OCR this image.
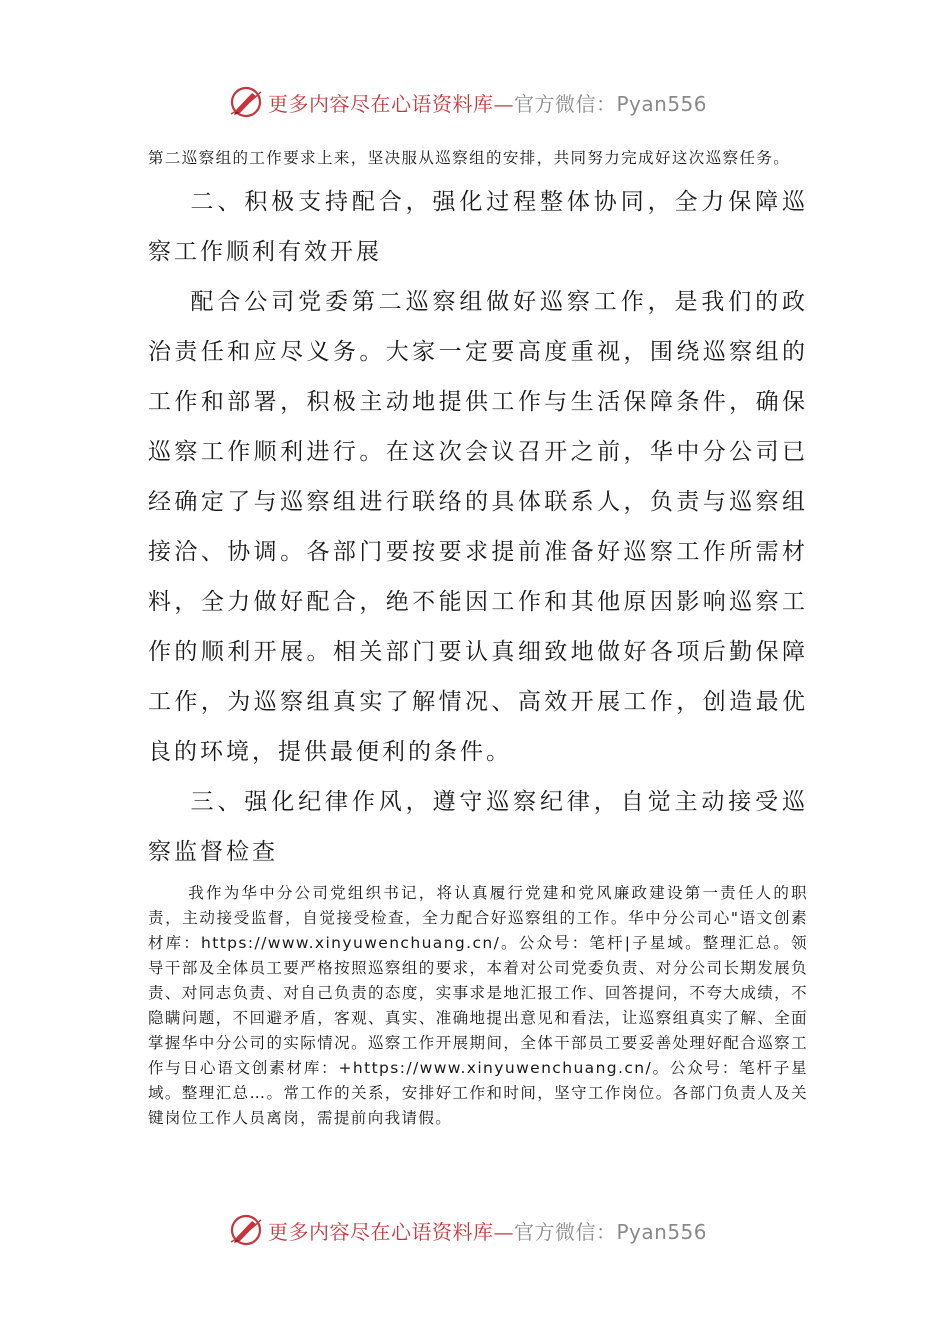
更多内容尽在心语资料库— 官方微信：Pyan556

第二巡察组的工作要求上来，坚决服从巡察组的安排，共同努力完成好这次巡察任务。

二、积极支持配合，强化过程整体协同，全力保障巡察工作顺利有效开展

配合公司党委第二巡察组做好巡察工作，是我们的政治责任和应尽义务。大家一定要高度重视，围绕巡察组的工作和部署，积极主动地提供工作与生活保障条件，确保巡察工作顺利进行。在这次会议召开之前，华中分公司已经确定了与巡察组进行联络的具体联系人，负责与巡察组接洽、协调。各部门要按要求提前准备好巡察工作所需材料，全力做好配合，绝不能因工作和其他原因影响巡察工作的顺利开展。相关部门要认真细致地做好各项后勤保障工作，为巡察组真实了解情况、高效开展工作，创造最优良的环境，提供最便利的条件。

三、强化纪律作风，遵守巡察纪律，自觉主动接受巡察监督检查

我作为华中分公司党组织书记，将认真履行党建和党风廉政建设第一责任人的职责，主动接受监督，自觉接受检查，全力配合好巡察组的工作。华中分公司心"语文创素材库：https://www.xinyuwenchuang.cn/。公众号：笔杆|子星域。整理汇总。领导干部及全体员工要严格按照巡察组的要求，本着对公司党委负责、对分公司长期发展负责、对同志负责、对自己负责的态度，实事求是地汇报工作、回答提问，不夸大成绩，不隐瞒问题，不回避矛盾，客观、真实、准确地提出意见和看法，让巡察组真实了解、全面掌握华中分公司的实际情况。巡察工作开展期间，全体干部员工要妥善处理好配合巡察工作与日心语文创素材库：+https://www.xinyuwenchuang.cn/。公众号：笔杆子星域。整理汇总…。常工作的关系，安排好工作和时间，坚守工作岗位。各部门负责人及关键岗位工作人员离岗，需提前向我请假。

更多内容尽在心语资料库— 官方微信：Pyan556
